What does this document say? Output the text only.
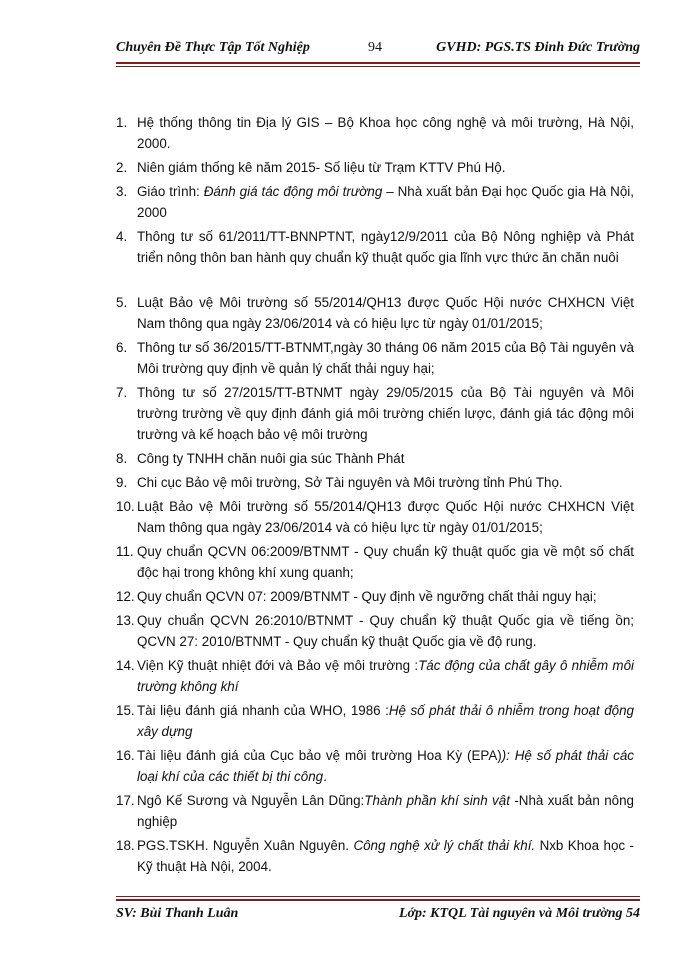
Chuyên Đề Thực Tập Tốt Nghiệp	94	GVHD: PGS.TS Đinh Đức Trường
1. Hệ thống thông tin Địa lý GIS – Bộ Khoa học công nghệ và môi trường, Hà Nội, 2000.
2. Niên giám thống kê năm 2015- Số liệu từ Trạm KTTV Phú Hộ.
3. Giáo trình: Đánh giá tác động môi trường – Nhà xuất bản Đại học Quốc gia Hà Nội, 2000
4. Thông tư số 61/2011/TT-BNNPTNT, ngày12/9/2011 của Bộ Nông nghiệp và Phát triển nông thôn ban hành quy chuẩn kỹ thuật quốc gia lĩnh vực thức ăn chăn nuôi
5. Luật Bảo vệ Môi trường số 55/2014/QH13 được Quốc Hội nước CHXHCN Việt Nam thông qua ngày 23/06/2014 và có hiệu lực từ ngày 01/01/2015;
6. Thông tư số 36/2015/TT-BTNMT,ngày 30 tháng 06 năm 2015 của Bộ Tài nguyên và Môi trường quy định về quản lý chất thải nguy hại;
7. Thông tư số 27/2015/TT-BTNMT ngày 29/05/2015 của Bộ Tài nguyên và Môi trường trường về quy định đánh giá môi trường chiến lược, đánh giá tác động môi trường và kế hoạch bảo vệ môi trường
8. Công ty TNHH chăn nuôi gia súc Thành Phát
9. Chi cục Bảo vệ môi trường, Sở Tài nguyên và Môi trường tỉnh Phú Thọ.
10. Luật Bảo vệ Môi trường số 55/2014/QH13 được Quốc Hội nước CHXHCN Việt Nam thông qua ngày 23/06/2014 và có hiệu lực từ ngày 01/01/2015;
11. Quy chuẩn QCVN 06:2009/BTNMT - Quy chuẩn kỹ thuật quốc gia về một số chất độc hại trong không khí xung quanh;
12. Quy chuẩn QCVN 07: 2009/BTNMT - Quy định về ngưỡng chất thải nguy hại;
13. Quy chuẩn QCVN 26:2010/BTNMT - Quy chuẩn kỹ thuật Quốc gia về tiếng ồn; QCVN 27: 2010/BTNMT - Quy chuẩn kỹ thuật Quốc gia về độ rung.
14. Viện Kỹ thuật nhiệt đới và Bảo vệ môi trường :Tác động của chất gây ô nhiễm môi trường không khí
15. Tài liệu đánh giá nhanh của WHO, 1986 :Hệ số phát thải ô nhiễm trong hoạt động xây dựng
16. Tài liệu đánh giá của Cục bảo vệ môi trường Hoa Kỳ (EPA)): Hệ số phát thải các loại khí của các thiết bị thi công.
17. Ngô Kế Sương và Nguyễn Lân Dũng:Thành phần khí sinh vật -Nhà xuất bản nông nghiệp
18. PGS.TSKH. Nguyễn Xuân Nguyên. Công nghệ xử lý chất thải khí. Nxb Khoa học - Kỹ thuật Hà Nội, 2004.
SV: Bùi Thanh Luân	Lớp: KTQL Tài nguyên và Môi trường 54
